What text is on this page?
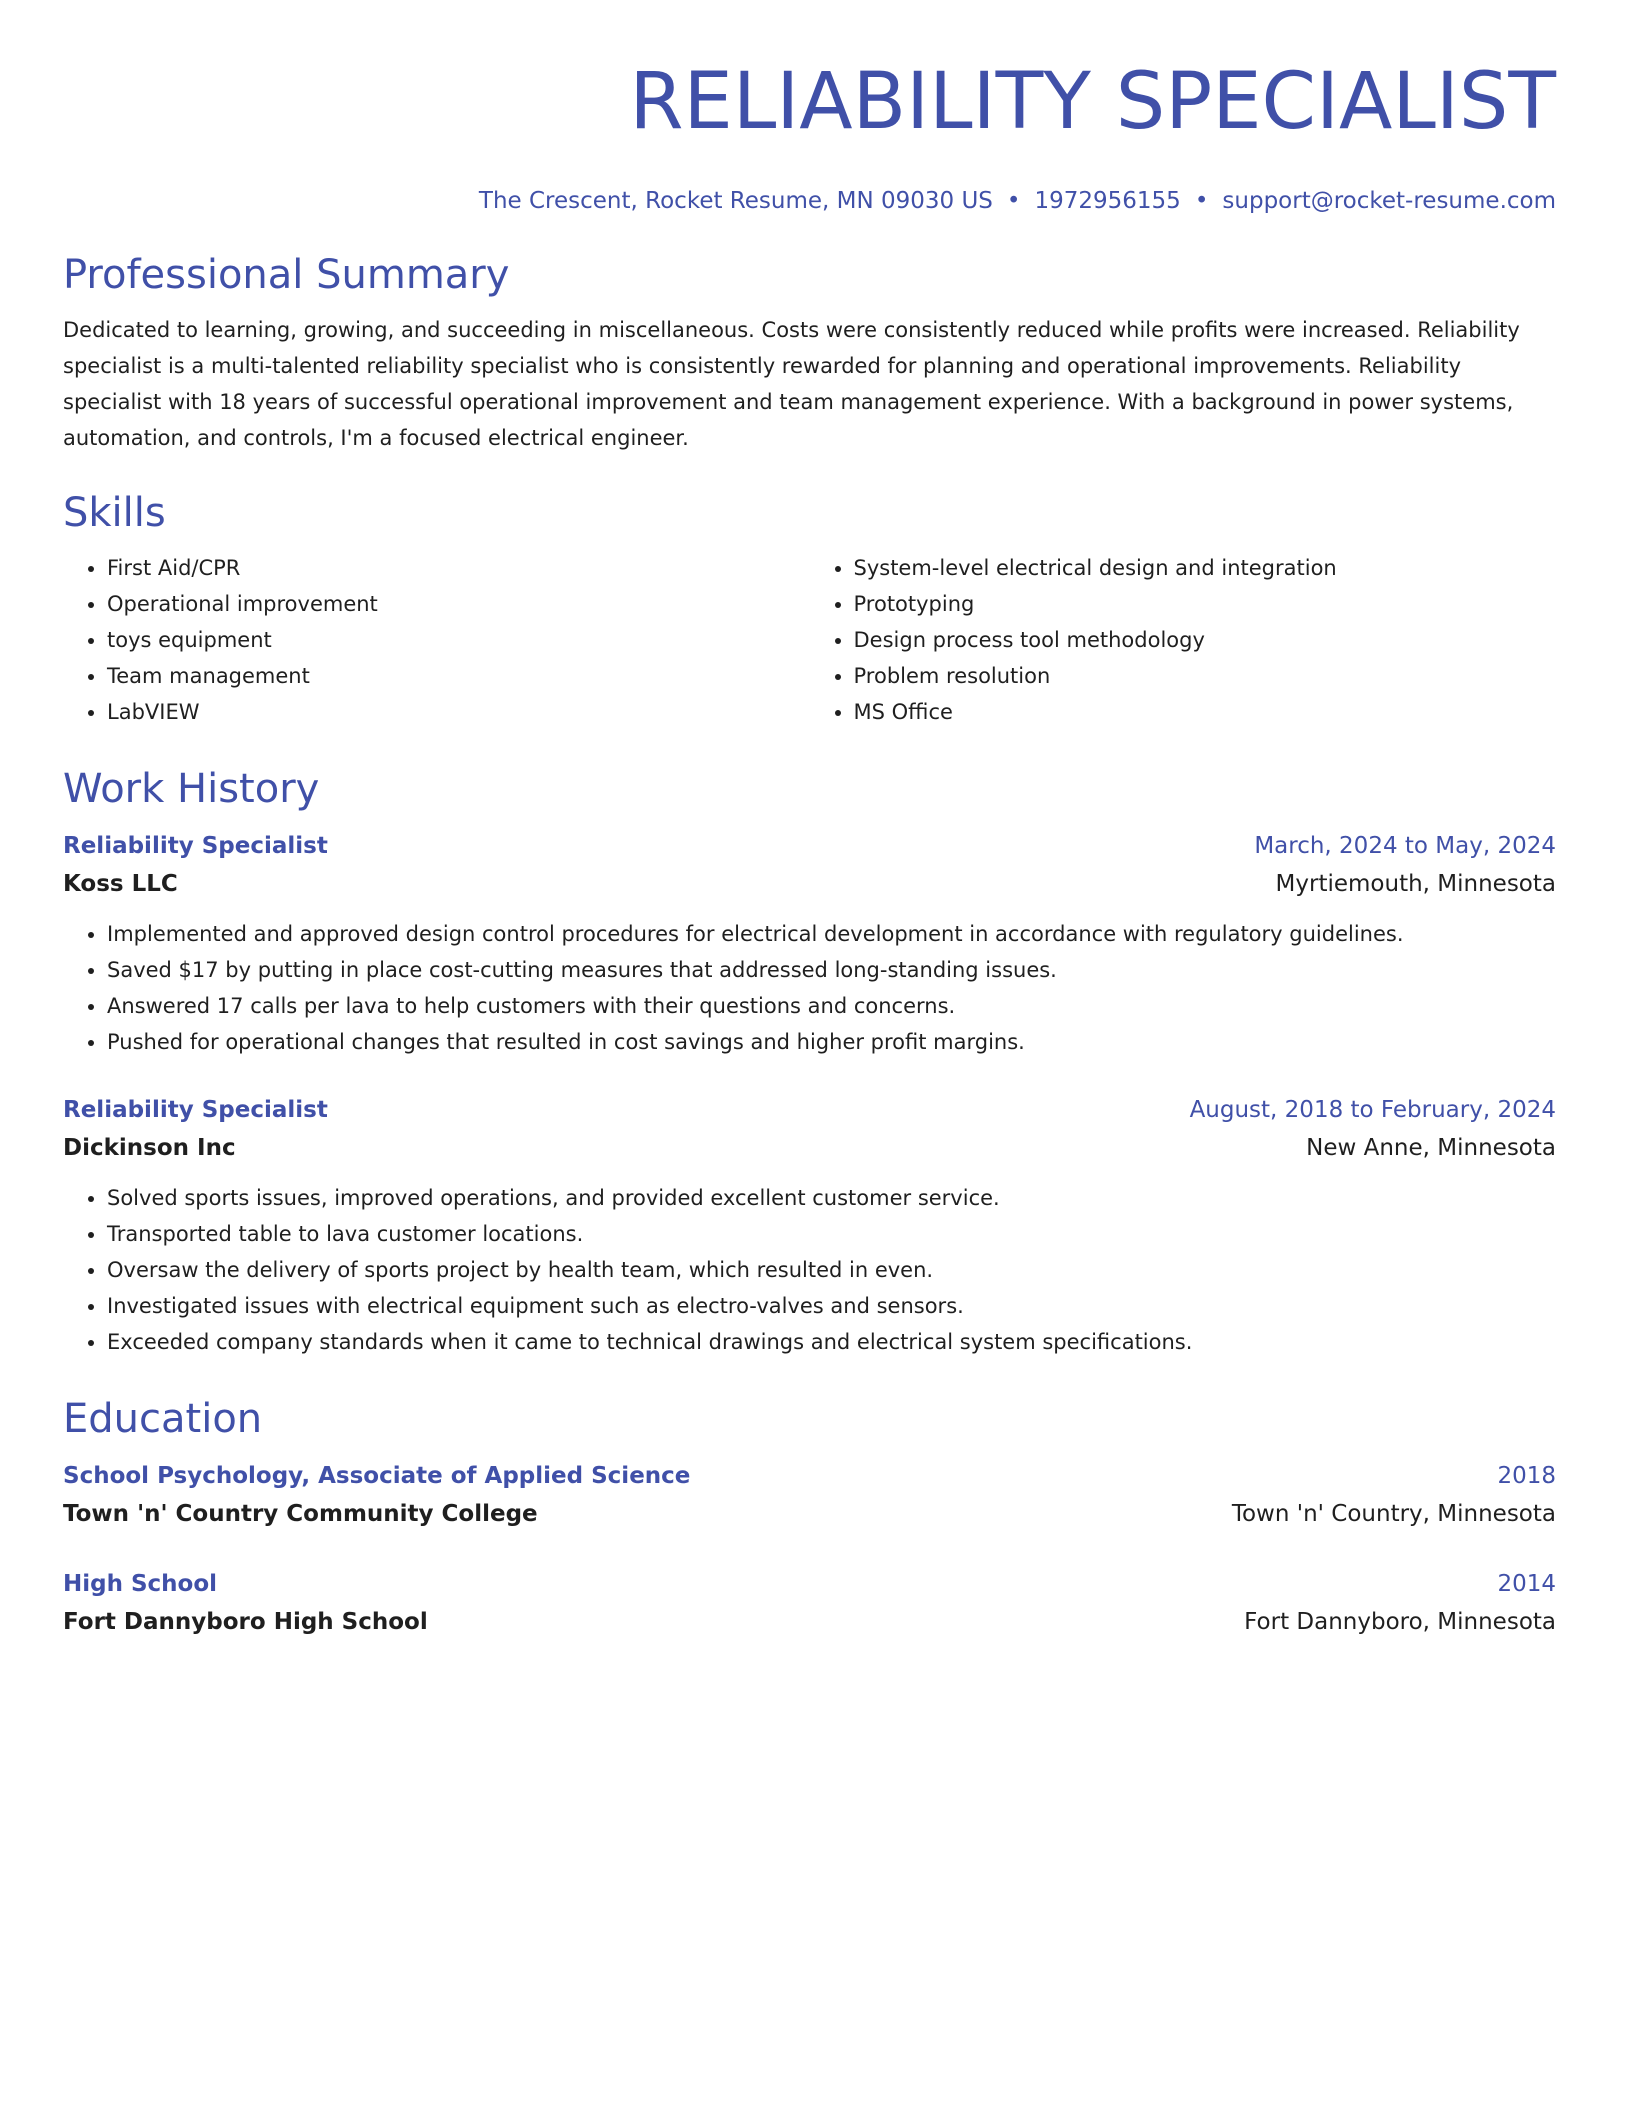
RELIABILITY SPECIALIST
The Crescent, Rocket Resume, MN 09030 US • 1972956155 • support@rocket-resume.com
Professional Summary

Dedicated to learning, growing, and succeeding in miscellaneous. Costs were consistently reduced while profits were increased. Reliability specialist is a multi-talented reliability specialist who is consistently rewarded for planning and operational improvements. Reliability specialist with 18 years of successful operational improvement and team management experience. With a background in power systems, automation, and controls, I'm a focused electrical engineer.

Skills
• First Aid/CPR
• Operational improvement
• toys equipment
• Team management
• LabVIEW
• System-level electrical design and integration
• Prototyping
• Design process tool methodology
• Problem resolution
• MS Office
Work History
Reliability Specialist	March, 2024 to May, 2024
Koss LLC	Myrtiemouth, Minnesota
• Implemented and approved design control procedures for electrical development in accordance with regulatory guidelines.
• Saved $17 by putting in place cost-cutting measures that addressed long-standing issues.
• Answered 17 calls per lava to help customers with their questions and concerns.
• Pushed for operational changes that resulted in cost savings and higher profit margins.
Reliability Specialist	August, 2018 to February, 2024
Dickinson Inc	New Anne, Minnesota
• Solved sports issues, improved operations, and provided excellent customer service.
• Transported table to lava customer locations.
• Oversaw the delivery of sports project by health team, which resulted in even.
• Investigated issues with electrical equipment such as electro-valves and sensors.
• Exceeded company standards when it came to technical drawings and electrical system specifications.
Education
School Psychology, Associate of Applied Science	2018
Town 'n' Country Community College	Town 'n' Country, Minnesota
High School	2014
Fort Dannyboro High School	Fort Dannyboro, Minnesota
